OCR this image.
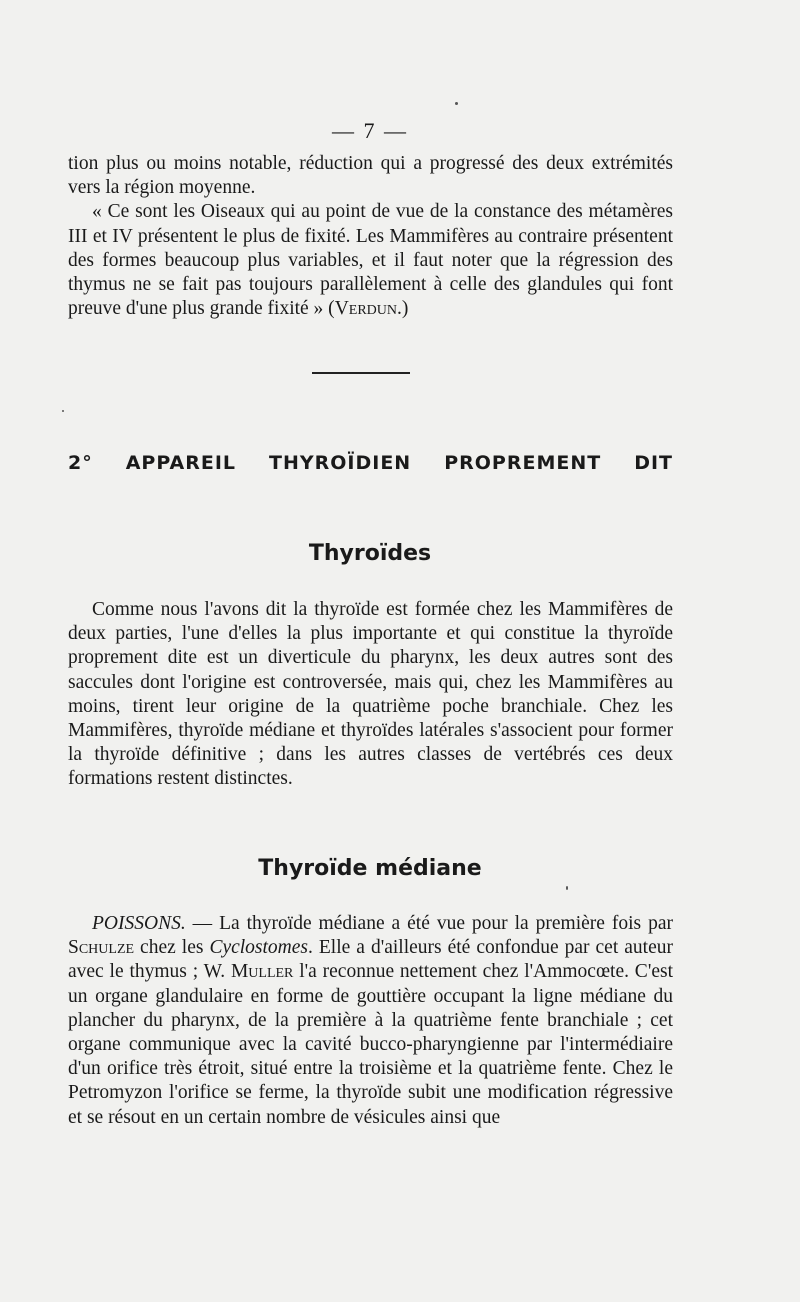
— 7 —

tion plus ou moins notable, réduction qui a progressé des deux extrémités vers la région moyenne.

« Ce sont les Oiseaux qui au point de vue de la constance des métamères III et IV présentent le plus de fixité. Les Mammifères au contraire présentent des formes beaucoup plus variables, et il faut noter que la régression des thymus ne se fait pas toujours parallèlement à celle des glandules qui font preuve d'une plus grande fixité » (Verdun.)

2° APPAREIL THYROÏDIEN PROPREMENT DIT
Thyroïdes

Comme nous l'avons dit la thyroïde est formée chez les Mammifères de deux parties, l'une d'elles la plus importante et qui constitue la thyroïde proprement dite est un diverticule du pharynx, les deux autres sont des saccules dont l'origine est controversée, mais qui, chez les Mammifères au moins, tirent leur origine de la quatrième poche branchiale. Chez les Mammifères, thyroïde médiane et thyroïdes latérales s'associent pour former la thyroïde définitive ; dans les autres classes de vertébrés ces deux formations restent distinctes.

Thyroïde médiane

POISSONS. — La thyroïde médiane a été vue pour la première fois par Schulze chez les Cyclostomes. Elle a d'ailleurs été confondue par cet auteur avec le thymus ; W. Muller l'a reconnue nettement chez l'Ammocœte. C'est un organe glandulaire en forme de gouttière occupant la ligne médiane du plancher du pharynx, de la première à la quatrième fente branchiale ; cet organe communique avec la cavité bucco-pharyngienne par l'intermédiaire d'un orifice très étroit, situé entre la troisième et la quatrième fente. Chez le Petromyzon l'orifice se ferme, la thyroïde subit une modification régressive et se résout en un certain nombre de vésicules ainsi que
